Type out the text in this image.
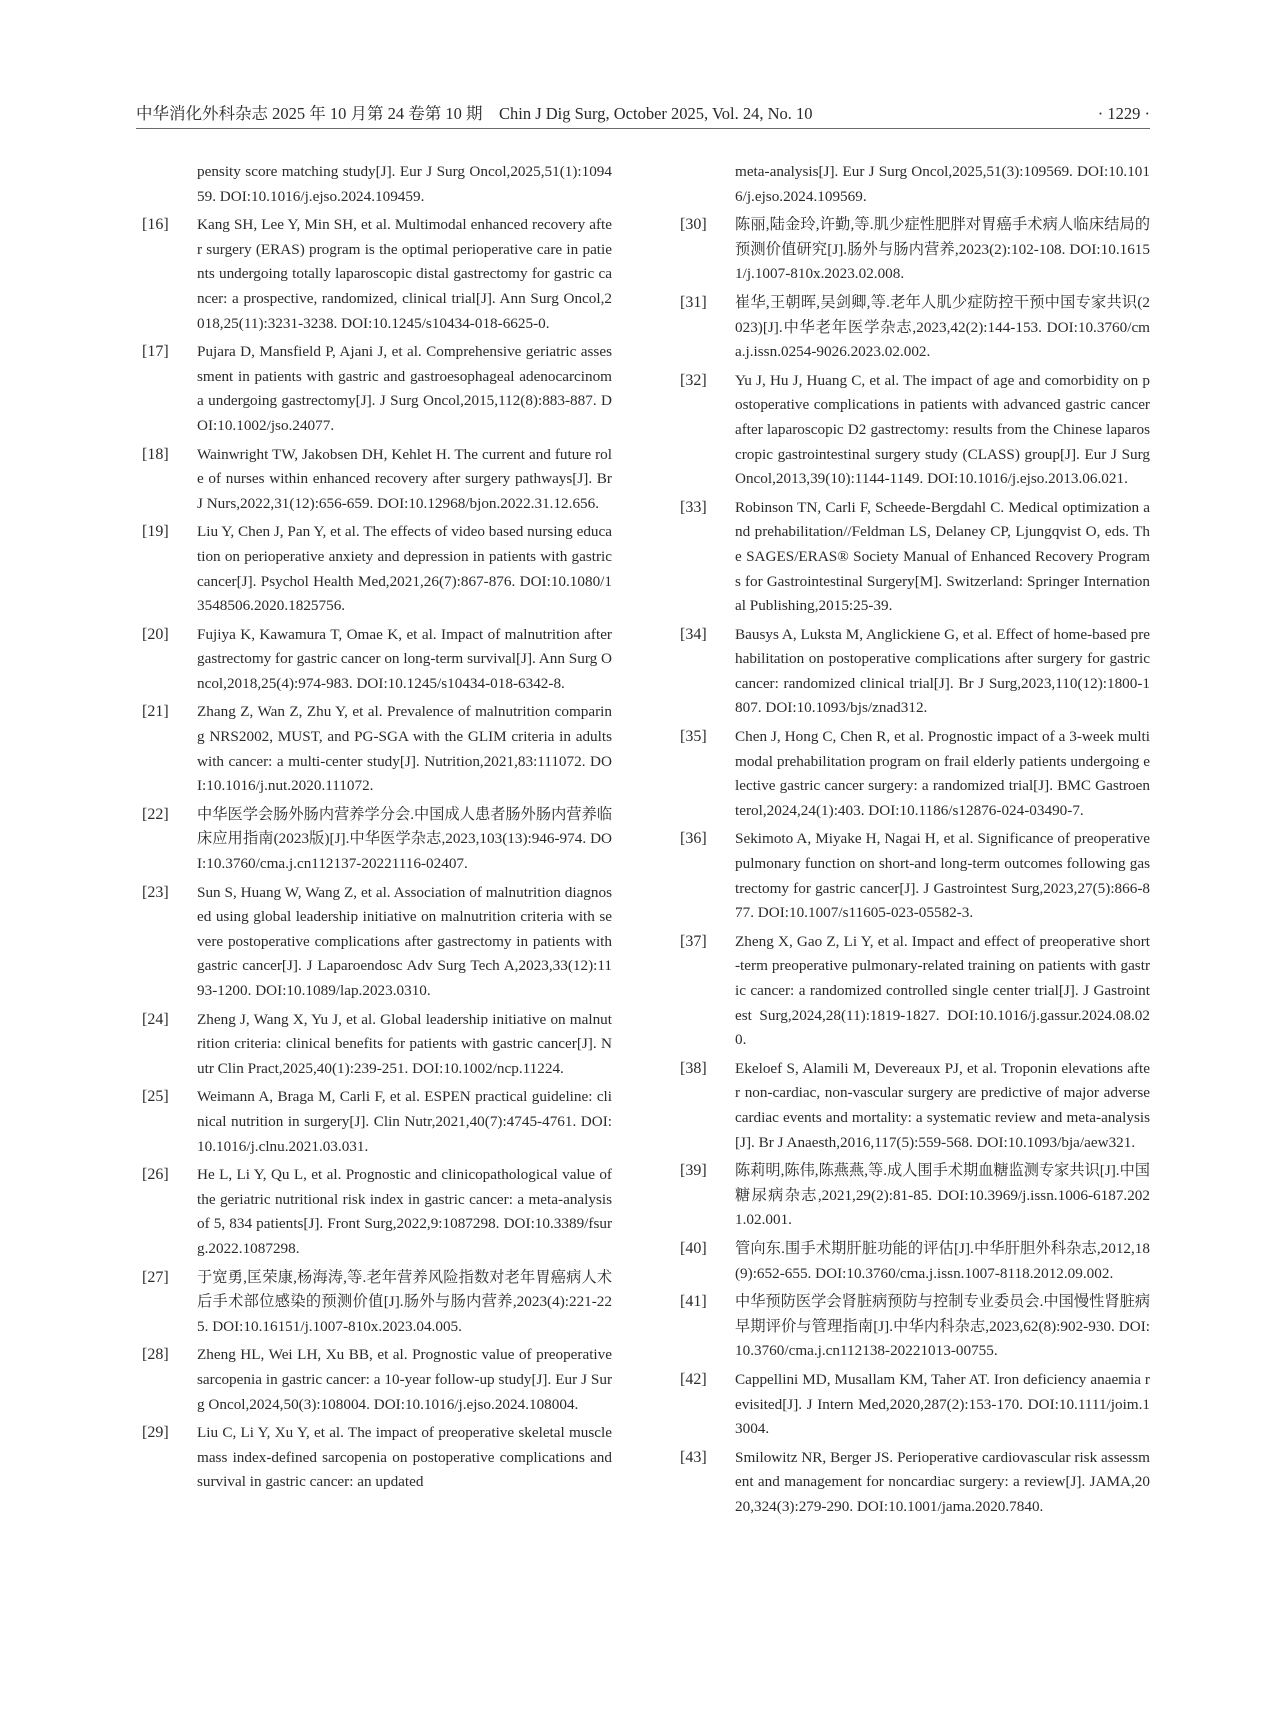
中华消化外科杂志 2025 年 10 月第 24 卷第 10 期　Chin J Dig Surg, October 2025, Vol. 24, No. 10	· 1229 ·
pensity score matching study[J]. Eur J Surg Oncol,2025,51(1):109459. DOI:10.1016/j.ejso.2024.109459.
[16]	Kang SH, Lee Y, Min SH, et al. Multimodal enhanced recovery after surgery (ERAS) program is the optimal perioperative care in patients undergoing totally laparoscopic distal gastrectomy for gastric cancer: a prospective, randomized, clinical trial[J]. Ann Surg Oncol,2018,25(11):3231-3238. DOI:10.1245/s10434-018-6625-0.
[17]	Pujara D, Mansfield P, Ajani J, et al. Comprehensive geriatric assessment in patients with gastric and gastroesophageal adenocarcinoma undergoing gastrectomy[J]. J Surg Oncol,2015,112(8):883-887. DOI:10.1002/jso.24077.
[18]	Wainwright TW, Jakobsen DH, Kehlet H. The current and future role of nurses within enhanced recovery after surgery pathways[J]. Br J Nurs,2022,31(12):656-659. DOI:10.12968/bjon.2022.31.12.656.
[19]	Liu Y, Chen J, Pan Y, et al. The effects of video based nursing education on perioperative anxiety and depression in patients with gastric cancer[J]. Psychol Health Med,2021,26(7):867-876. DOI:10.1080/13548506.2020.1825756.
[20]	Fujiya K, Kawamura T, Omae K, et al. Impact of malnutrition after gastrectomy for gastric cancer on long-term survival[J]. Ann Surg Oncol,2018,25(4):974-983. DOI:10.1245/s10434-018-6342-8.
[21]	Zhang Z, Wan Z, Zhu Y, et al. Prevalence of malnutrition comparing NRS2002, MUST, and PG-SGA with the GLIM criteria in adults with cancer: a multi-center study[J]. Nutrition,2021,83:111072. DOI:10.1016/j.nut.2020.111072.
[22]	中华医学会肠外肠内营养学分会.中国成人患者肠外肠内营养临床应用指南(2023版)[J].中华医学杂志,2023,103(13):946-974. DOI:10.3760/cma.j.cn112137-20221116-02407.
[23]	Sun S, Huang W, Wang Z, et al. Association of malnutrition diagnosed using global leadership initiative on malnutrition criteria with severe postoperative complications after gastrectomy in patients with gastric cancer[J]. J Laparoendosc Adv Surg Tech A,2023,33(12):1193-1200. DOI:10.1089/lap.2023.0310.
[24]	Zheng J, Wang X, Yu J, et al. Global leadership initiative on malnutrition criteria: clinical benefits for patients with gastric cancer[J]. Nutr Clin Pract,2025,40(1):239-251. DOI:10.1002/ncp.11224.
[25]	Weimann A, Braga M, Carli F, et al. ESPEN practical guideline: clinical nutrition in surgery[J]. Clin Nutr,2021,40(7):4745-4761. DOI:10.1016/j.clnu.2021.03.031.
[26]	He L, Li Y, Qu L, et al. Prognostic and clinicopathological value of the geriatric nutritional risk index in gastric cancer: a meta-analysis of 5, 834 patients[J]. Front Surg,2022,9:1087298. DOI:10.3389/fsurg.2022.1087298.
[27]	于宽勇,匡荣康,杨海涛,等.老年营养风险指数对老年胃癌病人术后手术部位感染的预测价值[J].肠外与肠内营养,2023(4):221-225. DOI:10.16151/j.1007-810x.2023.04.005.
[28]	Zheng HL, Wei LH, Xu BB, et al. Prognostic value of preoperative sarcopenia in gastric cancer: a 10-year follow-up study[J]. Eur J Surg Oncol,2024,50(3):108004. DOI:10.1016/j.ejso.2024.108004.
[29]	Liu C, Li Y, Xu Y, et al. The impact of preoperative skeletal muscle mass index-defined sarcopenia on postoperative complications and survival in gastric cancer: an updated
meta-analysis[J]. Eur J Surg Oncol,2025,51(3):109569. DOI:10.1016/j.ejso.2024.109569.
[30]	陈丽,陆金玲,许勤,等.肌少症性肥胖对胃癌手术病人临床结局的预测价值研究[J].肠外与肠内营养,2023(2):102-108. DOI:10.16151/j.1007-810x.2023.02.008.
[31]	崔华,王朝晖,吴剑卿,等.老年人肌少症防控干预中国专家共识(2023)[J].中华老年医学杂志,2023,42(2):144-153. DOI:10.3760/cma.j.issn.0254-9026.2023.02.002.
[32]	Yu J, Hu J, Huang C, et al. The impact of age and comorbidity on postoperative complications in patients with advanced gastric cancer after laparoscopic D2 gastrectomy: results from the Chinese laparoscropic gastrointestinal surgery study (CLASS) group[J]. Eur J Surg Oncol,2013,39(10):1144-1149. DOI:10.1016/j.ejso.2013.06.021.
[33]	Robinson TN, Carli F, Scheede-Bergdahl C. Medical optimization and prehabilitation//Feldman LS, Delaney CP, Ljungqvist O, eds. The SAGES/ERAS® Society Manual of Enhanced Recovery Programs for Gastrointestinal Surgery[M]. Switzerland: Springer International Publishing,2015:25-39.
[34]	Bausys A, Luksta M, Anglickiene G, et al. Effect of home-based prehabilitation on postoperative complications after surgery for gastric cancer: randomized clinical trial[J]. Br J Surg,2023,110(12):1800-1807. DOI:10.1093/bjs/znad312.
[35]	Chen J, Hong C, Chen R, et al. Prognostic impact of a 3-week multimodal prehabilitation program on frail elderly patients undergoing elective gastric cancer surgery: a randomized trial[J]. BMC Gastroenterol,2024,24(1):403. DOI:10.1186/s12876-024-03490-7.
[36]	Sekimoto A, Miyake H, Nagai H, et al. Significance of preoperative pulmonary function on short-and long-term outcomes following gastrectomy for gastric cancer[J]. J Gastrointest Surg,2023,27(5):866-877. DOI:10.1007/s11605-023-05582-3.
[37]	Zheng X, Gao Z, Li Y, et al. Impact and effect of preoperative short-term preoperative pulmonary-related training on patients with gastric cancer: a randomized controlled single center trial[J]. J Gastrointest Surg,2024,28(11):1819-1827. DOI:10.1016/j.gassur.2024.08.020.
[38]	Ekeloef S, Alamili M, Devereaux PJ, et al. Troponin elevations after non-cardiac, non-vascular surgery are predictive of major adverse cardiac events and mortality: a systematic review and meta-analysis[J]. Br J Anaesth,2016,117(5):559-568. DOI:10.1093/bja/aew321.
[39]	陈莉明,陈伟,陈燕燕,等.成人围手术期血糖监测专家共识[J].中国糖尿病杂志,2021,29(2):81-85. DOI:10.3969/j.issn.1006-6187.2021.02.001.
[40]	管向东.围手术期肝脏功能的评估[J].中华肝胆外科杂志,2012,18(9):652-655. DOI:10.3760/cma.j.issn.1007-8118.2012.09.002.
[41]	中华预防医学会肾脏病预防与控制专业委员会.中国慢性肾脏病早期评价与管理指南[J].中华内科杂志,2023,62(8):902-930. DOI:10.3760/cma.j.cn112138-20221013-00755.
[42]	Cappellini MD, Musallam KM, Taher AT. Iron deficiency anaemia revisited[J]. J Intern Med,2020,287(2):153-170. DOI:10.1111/joim.13004.
[43]	Smilowitz NR, Berger JS. Perioperative cardiovascular risk assessment and management for noncardiac surgery: a review[J]. JAMA,2020,324(3):279-290. DOI:10.1001/jama.2020.7840.
